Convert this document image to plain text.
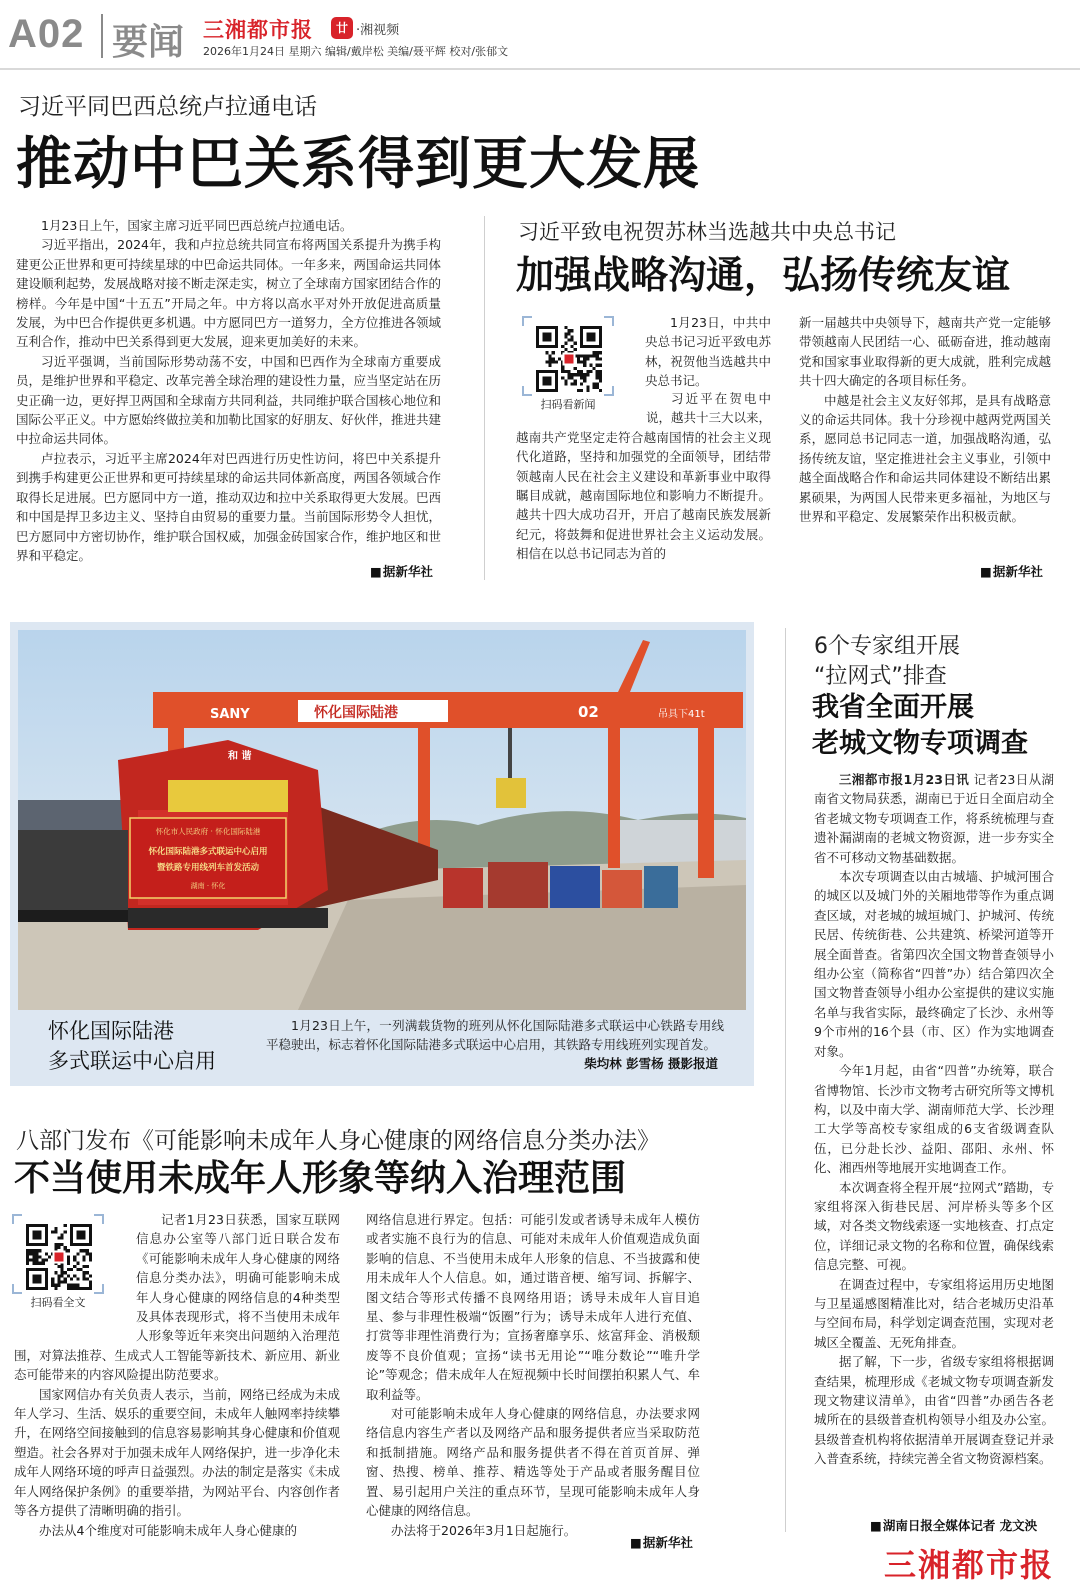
A02 要闻 三湘都市报	廿 ·湘视频
2026年1月24日 星期六 编辑/戴岸松 美编/聂平辉 校对/张郁文
习近平同巴西总统卢拉通电话
推动中巴关系得到更大发展

1月23日上午，国家主席习近平同巴西总统卢拉通电话。

习近平指出，2024年，我和卢拉总统共同宣布将两国关系提升为携手构建更公正世界和更可持续星球的中巴命运共同体。一年多来，两国命运共同体建设顺利起势，发展战略对接不断走深走实，树立了全球南方国家团结合作的榜样。今年是中国“十五五”开局之年。中方将以高水平对外开放促进高质量发展，为中巴合作提供更多机遇。中方愿同巴方一道努力，全方位推进各领域互利合作，推动中巴关系得到更大发展，迎来更加美好的未来。

习近平强调，当前国际形势动荡不安，中国和巴西作为全球南方重要成员，是维护世界和平稳定、改革完善全球治理的建设性力量，应当坚定站在历史正确一边，更好捍卫两国和全球南方共同利益，共同维护联合国核心地位和国际公平正义。中方愿始终做拉美和加勒比国家的好朋友、好伙伴，推进共建中拉命运共同体。

卢拉表示，习近平主席2024年对巴西进行历史性访问，将巴中关系提升到携手构建更公正世界和更可持续星球的命运共同体新高度，两国各领域合作取得长足进展。巴方愿同中方一道，推动双边和拉中关系取得更大发展。巴西和中国是捍卫多边主义、坚持自由贸易的重要力量。当前国际形势令人担忧，巴方愿同中方密切协作，维护联合国权威，加强金砖国家合作，维护地区和世界和平稳定。

■ 据新华社
习近平致电祝贺苏林当选越共中央总书记
加强战略沟通，弘扬传统友谊
扫码看新闻

1月23日，中共中央总书记习近平致电苏林，祝贺他当选越共中央总书记。

习近平在贺电中说，越共十三大以来，越南共产党坚定走符合越南国情的社会主义现代化道路，坚持和加强党的全面领导，团结带领越南人民在社会主义建设和革新事业中取得瞩目成就，越南国际地位和影响力不断提升。越共十四大成功召开，开启了越南民族发展新纪元，将鼓舞和促进世界社会主义运动发展。相信在以总书记同志为首的

新一届越共中央领导下，越南共产党一定能够带领越南人民团结一心、砥砺奋进，推动越南党和国家事业取得新的更大成就，胜利完成越共十四大确定的各项目标任务。

中越是社会主义友好邻邦，是具有战略意义的命运共同体。我十分珍视中越两党两国关系，愿同总书记同志一道，加强战略沟通，弘扬传统友谊，坚定推进社会主义事业，引领中越全面战略合作和命运共同体建设不断结出累累硕果，为两国人民带来更多福祉，为地区与世界和平稳定、发展繁荣作出积极贡献。

■ 据新华社
SANY	怀化国际陆港	02	吊具下41t
和 谐
怀化市人民政府 · 怀化国际陆港
怀化国际陆港多式联运中心启用
暨铁路专用线列车首发活动
湖南 · 怀化
怀化国际陆港
多式联运中心启用
1月23日上午，一列满载货物的班列从怀化国际陆港多式联运中心铁路专用线平稳驶出，标志着怀化国际陆港多式联运中心启用，其铁路专用线班列实现首发。
柴均林 彭雪杨 摄影报道
6个专家组开展
“拉网式”排查
我省全面开展
老城文物专项调查

三湘都市报1月23日讯 记者23日从湖南省文物局获悉，湖南已于近日全面启动全省老城文物专项调查工作，将系统梳理与查遗补漏湖南的老城文物资源，进一步夯实全省不可移动文物基础数据。

本次专项调查以由古城墙、护城河围合的城区以及城门外的关厢地带等作为重点调查区域，对老城的城垣城门、护城河、传统民居、传统街巷、公共建筑、桥梁河道等开展全面普查。省第四次全国文物普查领导小组办公室（简称省“四普”办）结合第四次全国文物普查领导小组办公室提供的建议实施名单与我省实际，最终确定了长沙、永州等9个市州的16个县（市、区）作为实地调查对象。

今年1月起，由省“四普”办统筹，联合省博物馆、长沙市文物考古研究所等文博机构，以及中南大学、湖南师范大学、长沙理工大学等高校专家组成的6支省级调查队伍，已分赴长沙、益阳、邵阳、永州、怀化、湘西州等地展开实地调查工作。

本次调查将全程开展“拉网式”踏勘，专家组将深入街巷民居、河岸桥头等多个区域，对各类文物线索逐一实地核查、打点定位，详细记录文物的名称和位置，确保线索信息完整、可视。

在调查过程中，专家组将运用历史地图与卫星遥感图精准比对，结合老城历史沿革与空间布局，科学划定调查范围，实现对老城区全覆盖、无死角排查。

据了解，下一步，省级专家组将根据调查结果，梳理形成《老城文物专项调查新发现文物建议清单》，由省“四普”办函告各老城所在的县级普查机构领导小组及办公室。县级普查机构将依据清单开展调查登记并录入普查系统，持续完善全省文物资源档案。

■ 湖南日报全媒体记者 龙文泱
八部门发布《可能影响未成年人身心健康的网络信息分类办法》
不当使用未成年人形象等纳入治理范围
扫码看全文

记者1月23日获悉，国家互联网信息办公室等八部门近日联合发布《可能影响未成年人身心健康的网络信息分类办法》，明确可能影响未成年人身心健康的网络信息的4种类型及具体表现形式，将不当使用未成年人形象等近年来突出问题纳入治理范围，对算法推荐、生成式人工智能等新技术、新应用、新业态可能带来的内容风险提出防范要求。

国家网信办有关负责人表示，当前，网络已经成为未成年人学习、生活、娱乐的重要空间，未成年人触网率持续攀升，在网络空间接触到的信息容易影响其身心健康和价值观塑造。社会各界对于加强未成年人网络保护，进一步净化未成年人网络环境的呼声日益强烈。办法的制定是落实《未成年人网络保护条例》的重要举措，为网站平台、内容创作者等各方提供了清晰明确的指引。

办法从4个维度对可能影响未成年人身心健康的

网络信息进行界定。包括：可能引发或者诱导未成年人模仿或者实施不良行为的信息、可能对未成年人价值观造成负面影响的信息、不当使用未成年人形象的信息、不当披露和使用未成年人个人信息。如，通过谐音梗、缩写词、拆解字、图文结合等形式传播不良网络用语；诱导未成年人盲目追星、参与非理性极端“饭圈”行为；诱导未成年人进行充值、打赏等非理性消费行为；宣扬奢靡享乐、炫富拜金、消极颓废等不良价值观；宣扬“读书无用论”“唯分数论”“唯升学论”等观念；借未成年人在短视频中长时间摆拍积累人气、牟取利益等。

对可能影响未成年人身心健康的网络信息，办法要求网络信息内容生产者以及网络产品和服务提供者应当采取防范和抵制措施。网络产品和服务提供者不得在首页首屏、弹窗、热搜、榜单、推荐、精选等处于产品或者服务醒目位置、易引起用户关注的重点环节，呈现可能影响未成年人身心健康的网络信息。

办法将于2026年3月1日起施行。

■ 据新华社
三湘都市报
